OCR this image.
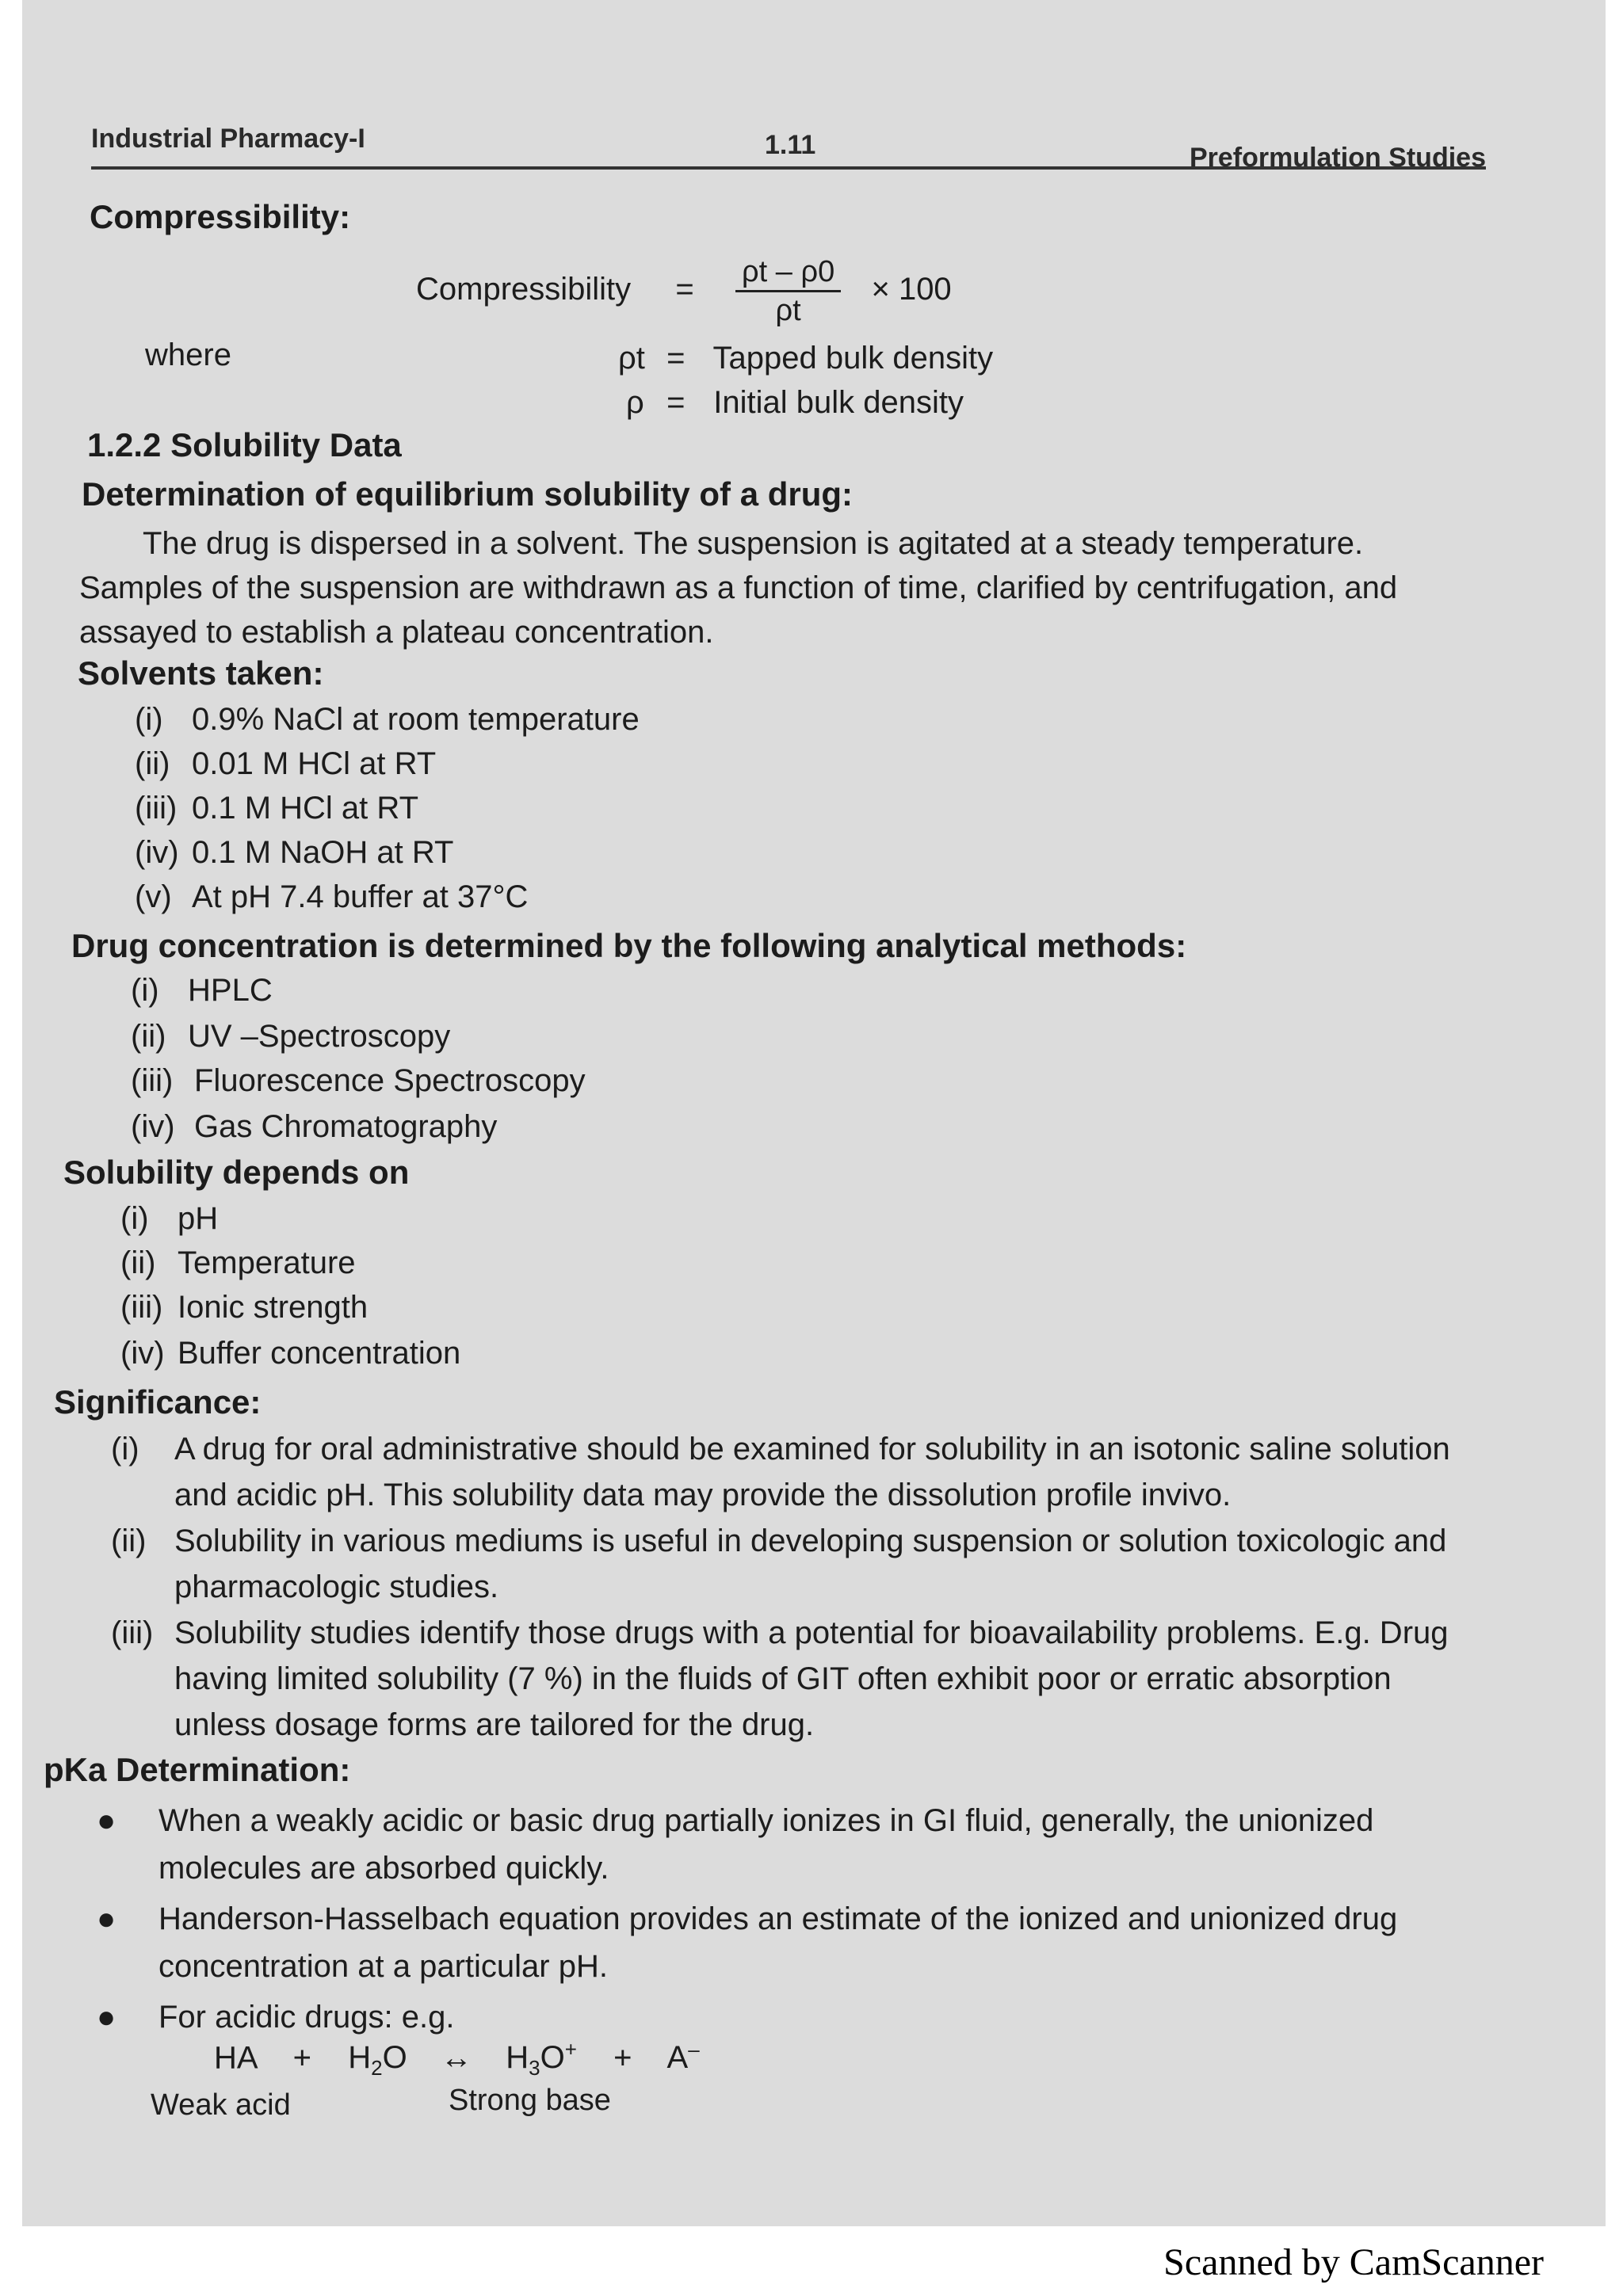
Industrial Pharmacy-I	1.11	Preformulation Studies
Compressibility:
Compressibility = $\frac{\rho t - \rho 0}{\rho t} \times 100$
where	ρt = Tapped bulk density
ρ = Initial bulk density
1.2.2 Solubility Data
Determination of equilibrium solubility of a drug:

The drug is dispersed in a solvent. The suspension is agitated at a steady temperature. Samples of the suspension are withdrawn as a function of time, clarified by centrifugation, and assayed to establish a plateau concentration.

Solvents taken:
(i) 0.9% NaCl at room temperature
(ii) 0.01 M HCl at RT
(iii) 0.1 M HCl at RT
(iv) 0.1 M NaOH at RT
(v) At pH 7.4 buffer at 37°C
Drug concentration is determined by the following analytical methods:
(i) HPLC
(ii) UV –Spectroscopy
(iii) Fluorescence Spectroscopy
(iv) Gas Chromatography
Solubility depends on
(i) pH
(ii) Temperature
(iii) Ionic strength
(iv) Buffer concentration
Significance:
(i) A drug for oral administrative should be examined for solubility in an isotonic saline solution and acidic pH. This solubility data may provide the dissolution profile invivo.
(ii) Solubility in various mediums is useful in developing suspension or solution toxicologic and pharmacologic studies.
(iii) Solubility studies identify those drugs with a potential for bioavailability problems. E.g. Drug having limited solubility (7 %) in the fluids of GIT often exhibit poor or erratic absorption unless dosage forms are tailored for the drug.
pKa Determination:
● When a weakly acidic or basic drug partially ionizes in GI fluid, generally, the unionized molecules are absorbed quickly.
● Handerson-Hasselbach equation provides an estimate of the ionized and unionized drug concentration at a particular pH.
● For acidic drugs: e.g.
HA + $H_2O$ ↔ $H_3O^+ + A^-$
Weak acid	Strong base
Scanned by CamScanner
